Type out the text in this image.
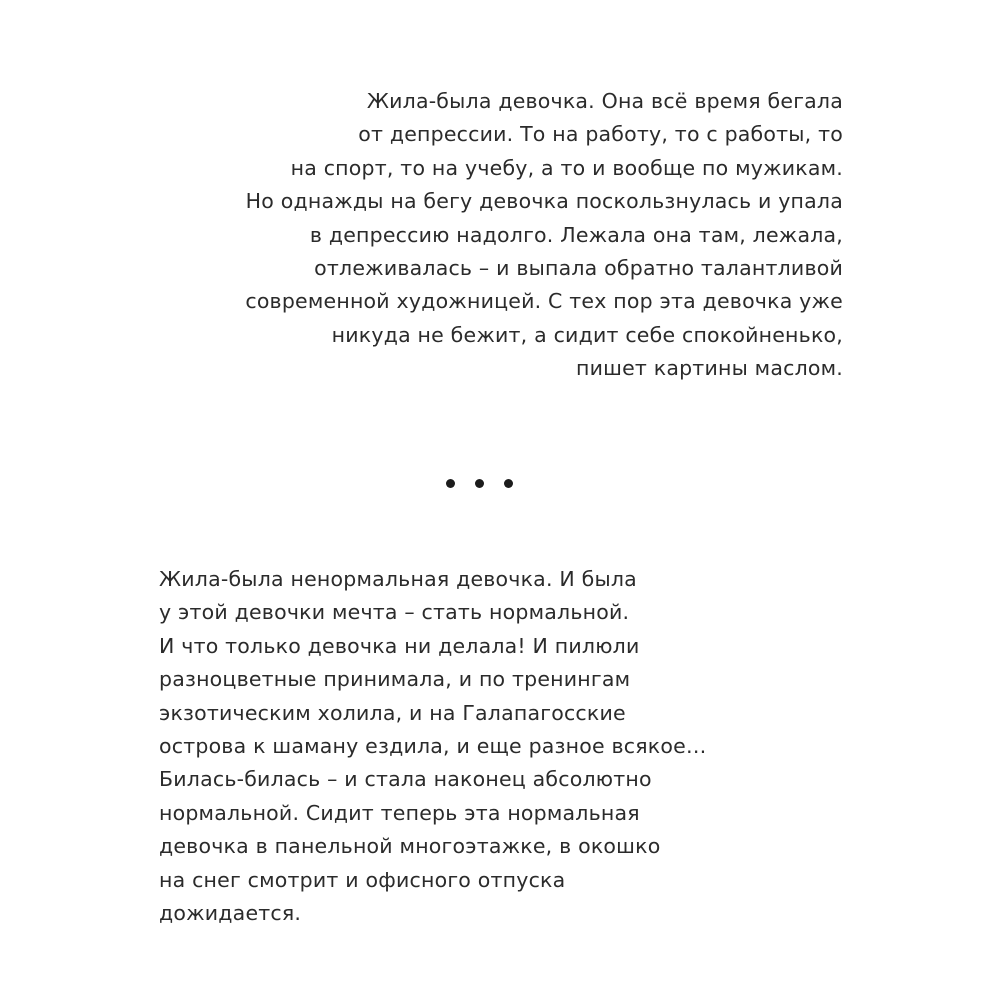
Жила-была девочка. Она всё время бегала
от депрессии. То на работу, то с работы, то
на спорт, то на учебу, а то и вообще по мужикам.
Но однажды на бегу девочка поскользнулась и упала
в депрессию надолго. Лежала она там, лежала,
отлеживалась – и выпала обратно талантливой
современной художницей. С тех пор эта девочка уже
никуда не бежит, а сидит себе спокойненько,
пишет картины маслом.
Жила-была ненормальная девочка. И была
у этой девочки мечта – стать нормальной.
И что только девочка ни делала! И пилюли
разноцветные принимала, и по тренингам
экзотическим холила, и на Галапагосские
острова к шаману ездила, и еще разное всякое…
Билась-билась – и стала наконец абсолютно
нормальной. Сидит теперь эта нормальная
девочка в панельной многоэтажке, в окошко
на снег смотрит и офисного отпуска
дожидается.
